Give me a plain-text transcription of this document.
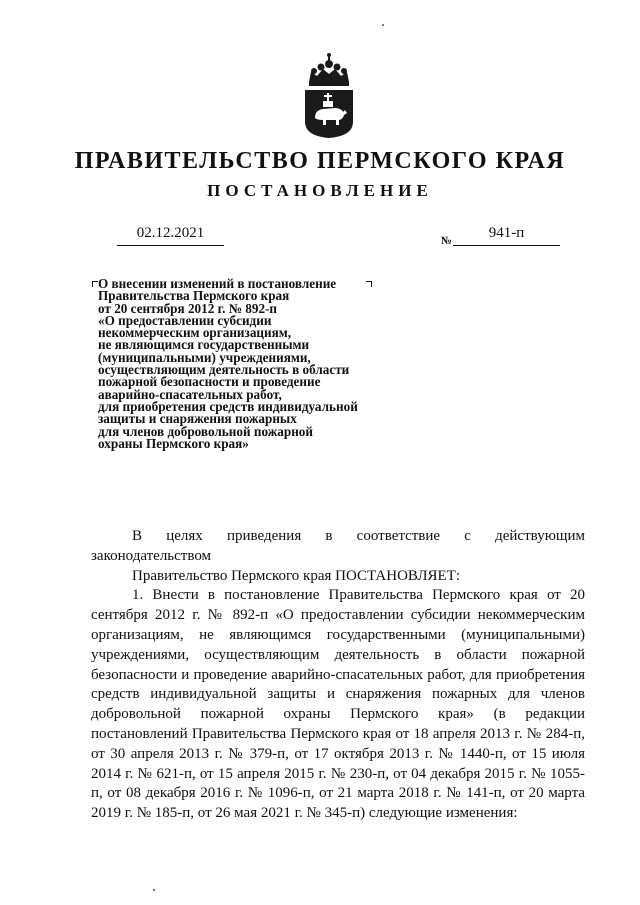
ПРАВИТЕЛЬСТВО ПЕРМСКОГО КРАЯ
ПОСТАНОВЛЕНИЕ
02.12.2021	№	941-п
О внесении изменений в постановление
Правительства Пермского края
от 20 сентября 2012 г. № 892-п
«О предоставлении субсидии
некоммерческим организациям,
не являющимся государственными
(муниципальными) учреждениями,
осуществляющим деятельность в области
пожарной безопасности и проведение
аварийно-спасательных работ,
для приобретения средств индивидуальной
защиты и снаряжения пожарных
для членов добровольной пожарной
охраны Пермского края»

В целях приведения в соответствие с действующим законодательством

Правительство Пермского края ПОСТАНОВЛЯЕТ:

1. Внести в постановление Правительства Пермского края от 20 сентября 2012 г. № 892-п «О предоставлении субсидии некоммерческим организациям, не являющимся государственными (муниципальными) учреждениями, осуществляющим деятельность в области пожарной безопасности и проведение аварийно-спасательных работ, для приобретения средств индивидуальной защиты и снаряжения пожарных для членов добровольной пожарной охраны Пермского края» (в редакции постановлений Правительства Пермского края от 18 апреля 2013 г. № 284-п, от 30 апреля 2013 г. № 379-п, от 17 октября 2013 г. № 1440-п, от 15 июля 2014 г. № 621-п, от 15 апреля 2015 г. № 230-п, от 04 декабря 2015 г. № 1055-п, от 08 декабря 2016 г. № 1096-п, от 21 марта 2018 г. № 141-п, от 20 марта 2019 г. № 185-п, от 26 мая 2021 г. № 345-п) следующие изменения:
